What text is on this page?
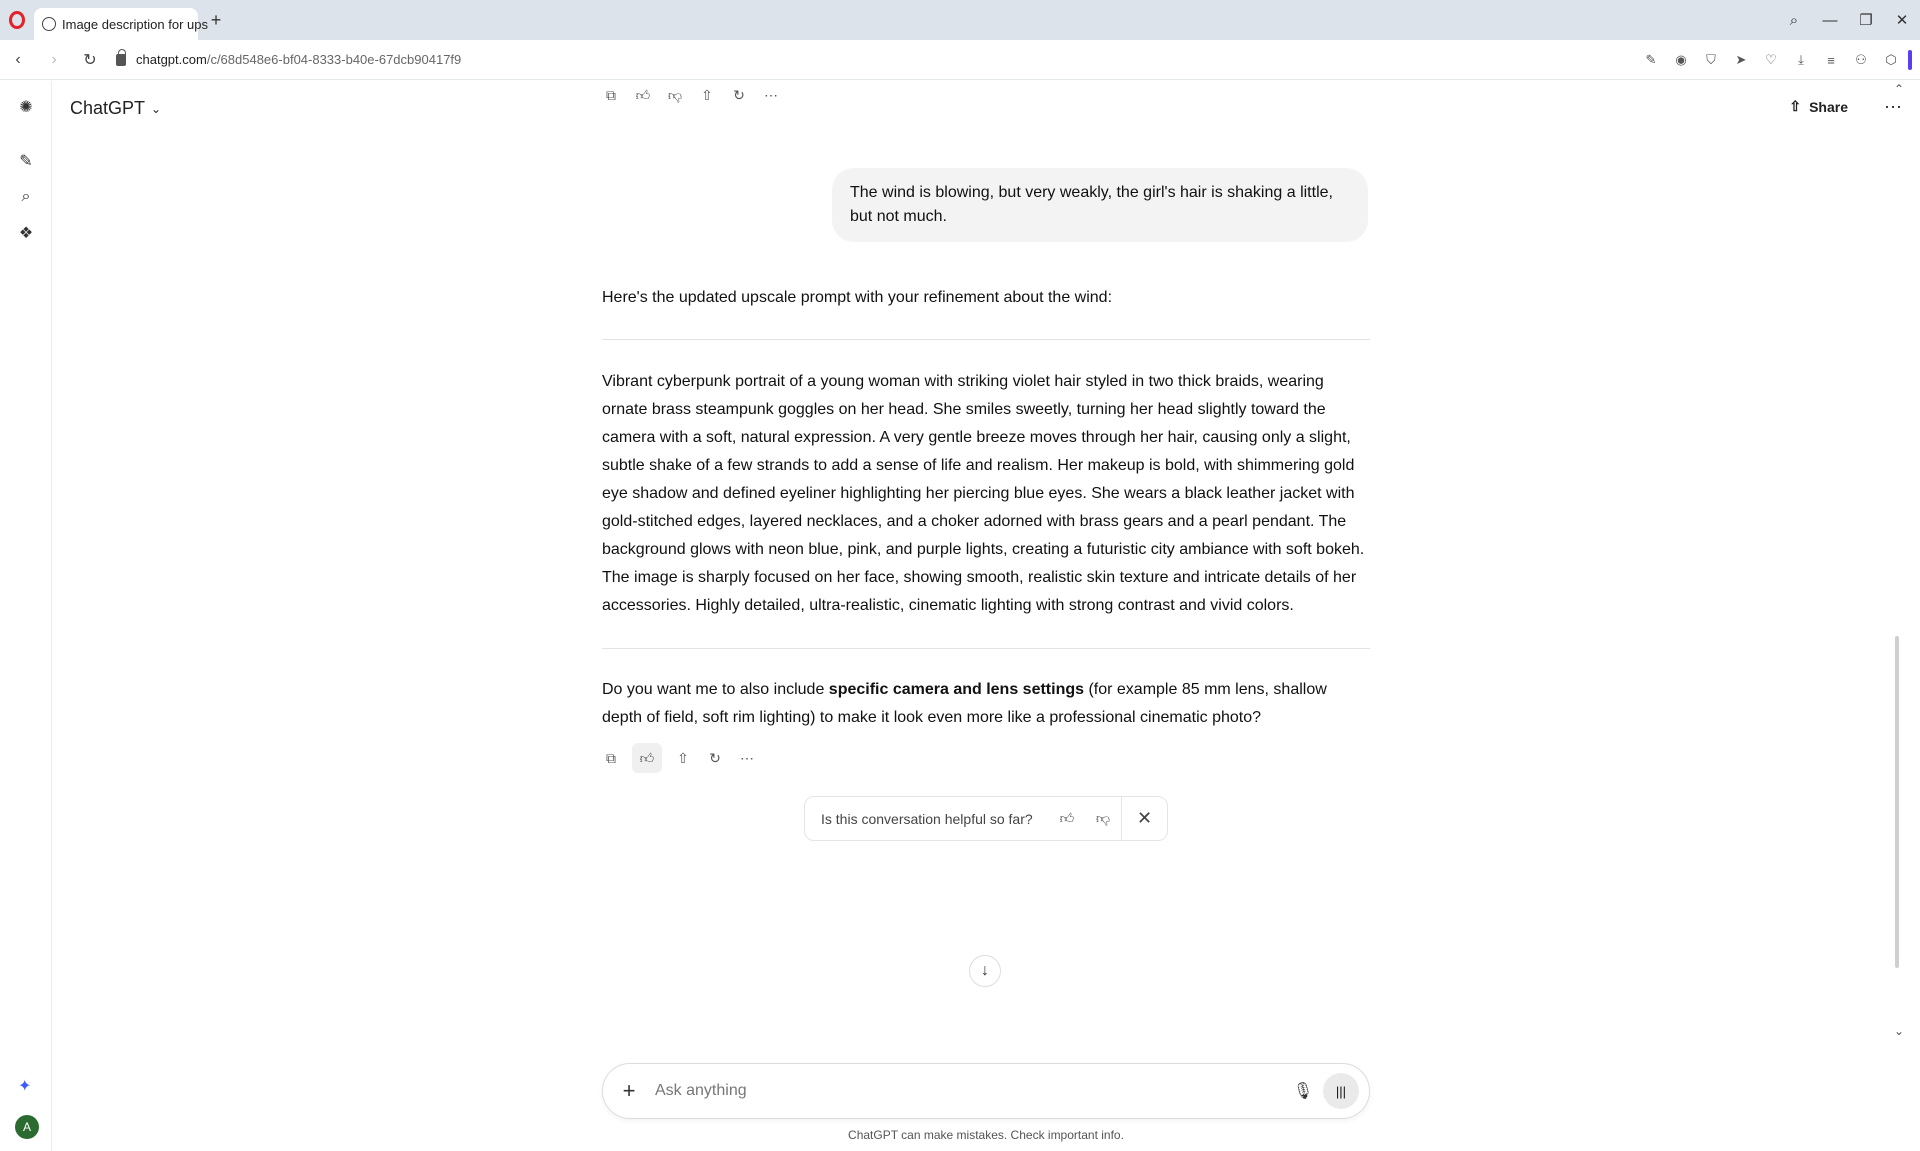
Image description for ups +	⌕	—	❐	✕
‹	›	↻	chatgpt.com/c/68d548e6-bf04-8333-b40e-67dcb90417f9	✎ ◉	⛉	➤ ♡	⤓	≡	⚇ ⬡
✺
✎
⌕
❖
✦
A
ChatGPT ⌄	⇧ Share ⋯
⌃
⌄
⧉	👍︎ 👎︎	⇧	↻	⋯
The wind is blowing, but very weakly, the girl's hair is shaking a little, but not much.
Here's the updated upscale prompt with your refinement about the wind:
Vibrant cyberpunk portrait of a young woman with striking violet hair styled in two thick braids, wearing ornate brass steampunk goggles on her head. She smiles sweetly, turning her head slightly toward the camera with a soft, natural expression. A very gentle breeze moves through her hair, causing only a slight, subtle shake of a few strands to add a sense of life and realism. Her makeup is bold, with shimmering gold eye shadow and defined eyeliner highlighting her piercing blue eyes. She wears a black leather jacket with gold-stitched edges, layered necklaces, and a choker adorned with brass gears and a pearl pendant. The background glows with neon blue, pink, and purple lights, creating a futuristic city ambiance with soft bokeh. The image is sharply focused on her face, showing smooth, realistic skin texture and intricate details of her accessories. Highly detailed, ultra-realistic, cinematic lighting with strong contrast and vivid colors.
Do you want me to also include specific camera and lens settings (for example 85 mm lens, shallow depth of field, soft rim lighting) to make it look even more like a professional cinematic photo?
⧉	👍︎	⇧	↻	⋯
Is this conversation helpful so far?	👍︎	👎︎	✕
↓
+
Ask anything	🎙︎	|||
ChatGPT can make mistakes. Check important info.
